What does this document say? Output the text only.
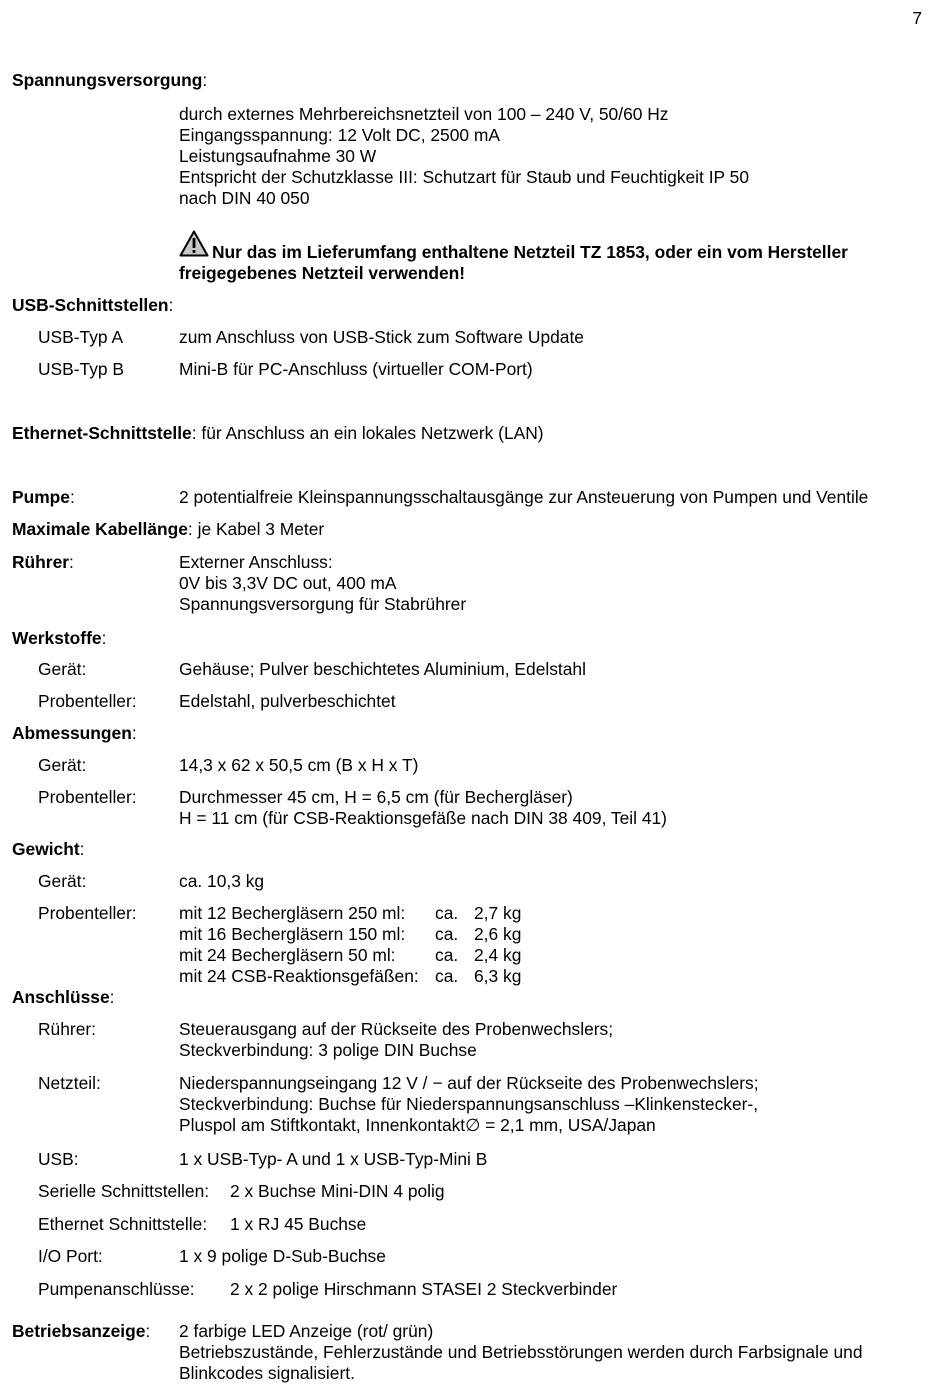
7
Spannungsversorgung:
durch externes Mehrbereichsnetzteil von 100 – 240 V, 50/60 Hz
Eingangsspannung: 12 Volt DC, 2500 mA
Leistungsaufnahme 30 W
Entspricht der Schutzklasse III: Schutzart für Staub und Feuchtigkeit IP 50
nach DIN 40 050
Nur das im Lieferumfang enthaltene Netzteil TZ 1853, oder ein vom Hersteller
freigegebenes Netzteil verwenden!
USB-Schnittstellen:
USB-Typ A	zum Anschluss von USB-Stick zum Software Update
USB-Typ B	Mini-B für PC-Anschluss (virtueller COM-Port)
Ethernet-Schnittstelle: für Anschluss an ein lokales Netzwerk (LAN)
Pumpe:	2 potentialfreie Kleinspannungsschaltausgänge zur Ansteuerung von Pumpen und Ventile
Maximale Kabellänge: je Kabel 3 Meter
Rührer:	Externer Anschluss:
0V bis 3,3V DC out, 400 mA
Spannungsversorgung für Stabrührer
Werkstoffe:
Gerät:	Gehäuse; Pulver beschichtetes Aluminium, Edelstahl
Probenteller: Edelstahl, pulverbeschichtet
Abmessungen:
Gerät:	14,3 x 62 x 50,5 cm (B x H x T)
Probenteller: Durchmesser 45 cm, H = 6,5 cm (für Bechergläser)
H = 11 cm (für CSB-Reaktionsgefäße nach DIN 38 409, Teil 41)
Gewicht:
Gerät:	ca. 10,3 kg
Probenteller: mit 12 Bechergläsern 250 ml: ca. 2,7 kg
mit 16 Bechergläsern 150 ml: ca. 2,6 kg
mit 24 Bechergläsern 50 ml: ca. 2,4 kg
mit 24 CSB-Reaktionsgefäßen: ca. 6,3 kg
Anschlüsse:
Rührer:	Steuerausgang auf der Rückseite des Probenwechslers;
Steckverbindung: 3 polige DIN Buchse
Netzteil:	Niederspannungseingang 12 V / − auf der Rückseite des Probenwechslers;
Steckverbindung: Buchse für Niederspannungsanschluss –Klinkenstecker-,
Pluspol am Stiftkontakt, Innenkontakt∅ = 2,1 mm, USA/Japan
USB:	1 x USB-Typ- A und 1 x USB-Typ-Mini B
Serielle Schnittstellen: 2 x Buchse Mini-DIN 4 polig
Ethernet Schnittstelle: 1 x RJ 45 Buchse
I/O Port:	1 x 9 polige D-Sub-Buchse
Pumpenanschlüsse: 2 x 2 polige Hirschmann STASEI 2 Steckverbinder
Betriebsanzeige: 2 farbige LED Anzeige (rot/ grün)
Betriebszustände, Fehlerzustände und Betriebsstörungen werden durch Farbsignale und
Blinkcodes signalisiert.
